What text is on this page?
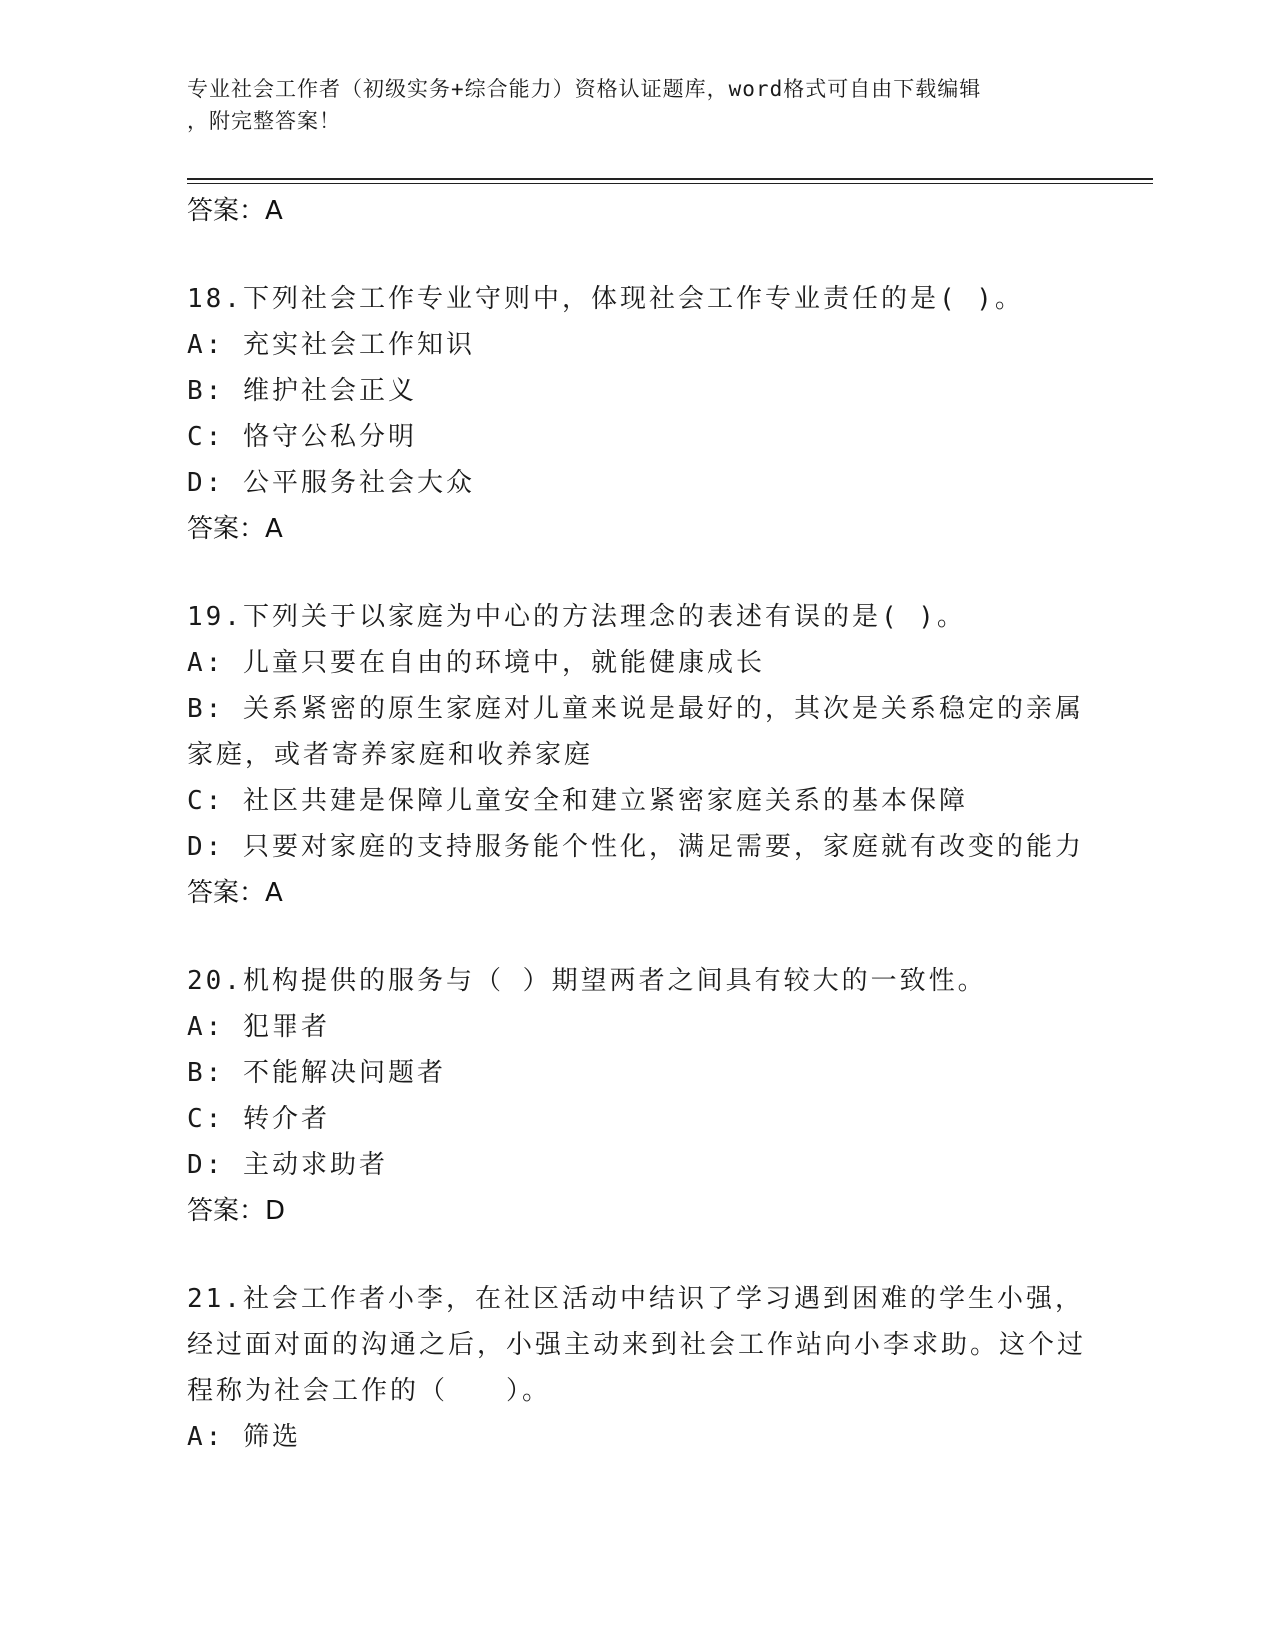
专业社会工作者（初级实务+综合能力）资格认证题库，word格式可自由下载编辑
，附完整答案！

答案：A

18.下列社会工作专业守则中，体现社会工作专业责任的是( )。

A: 充实社会工作知识

B: 维护社会正义

C: 恪守公私分明

D: 公平服务社会大众

答案：A

19.下列关于以家庭为中心的方法理念的表述有误的是( )。

A: 儿童只要在自由的环境中，就能健康成长

B: 关系紧密的原生家庭对儿童来说是最好的，其次是关系稳定的亲属家庭，或者寄养家庭和收养家庭

C: 社区共建是保障儿童安全和建立紧密家庭关系的基本保障

D: 只要对家庭的支持服务能个性化，满足需要，家庭就有改变的能力

答案：A

20.机构提供的服务与（ ）期望两者之间具有较大的一致性。

A: 犯罪者

B: 不能解决问题者

C: 转介者

D: 主动求助者

答案：D

21.社会工作者小李，在社区活动中结识了学习遇到困难的学生小强，经过面对面的沟通之后，小强主动来到社会工作站向小李求助。这个过程称为社会工作的（　　）。

A: 筛选
